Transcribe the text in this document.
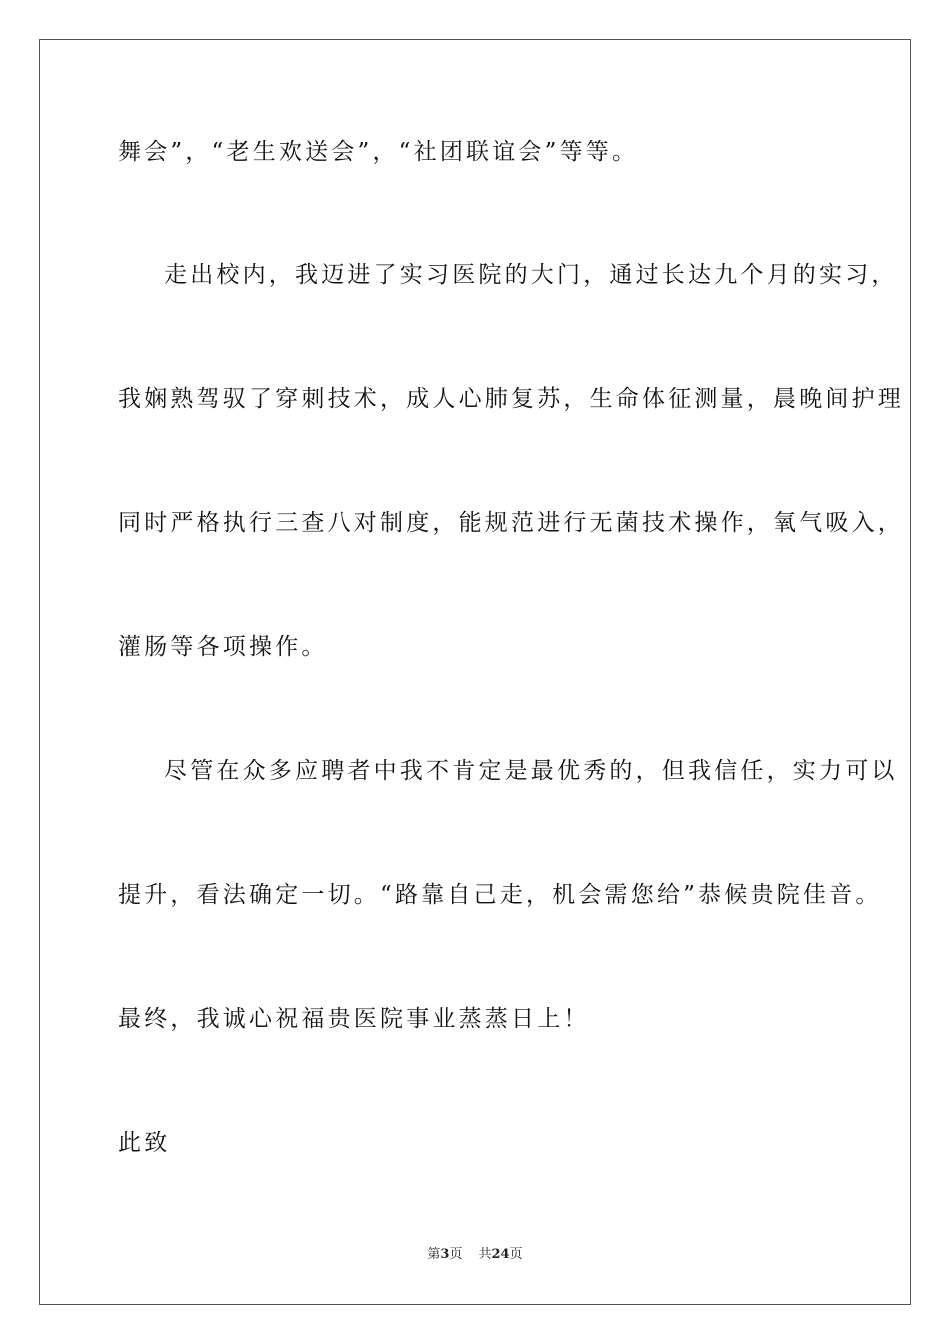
舞会”，“老生欢送会”，“社团联谊会”等等。
走出校内，我迈进了实习医院的大门，通过长达九个月的实习，
我娴熟驾驭了穿刺技术，成人心肺复苏，生命体征测量，晨晚间护理
同时严格执行三查八对制度，能规范进行无菌技术操作，氧气吸入，
灌肠等各项操作。
尽管在众多应聘者中我不肯定是最优秀的，但我信任，实力可以
提升，看法确定一切。“路靠自己走，机会需您给”恭候贵院佳音。
最终，我诚心祝福贵医院事业蒸蒸日上！
此致
第3页 共24页
